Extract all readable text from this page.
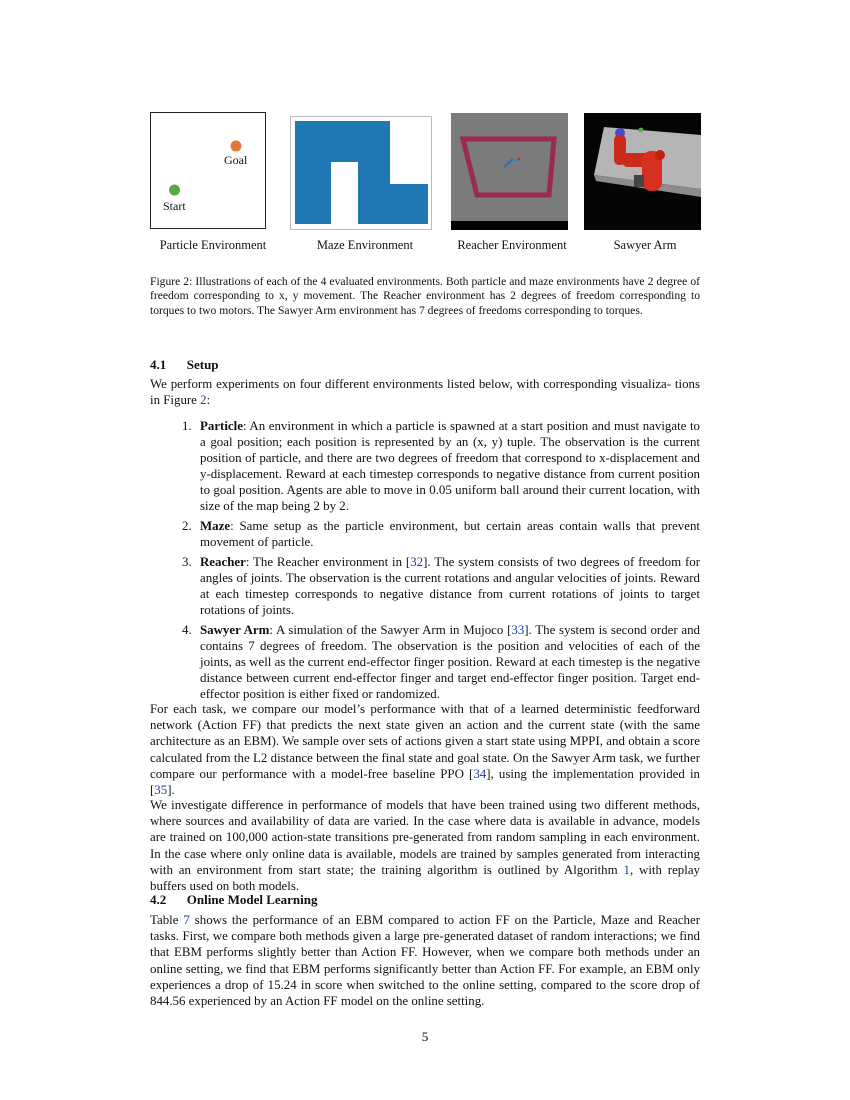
Goal
Start
Particle Environment	Maze Environment	Reacher Environment	Sawyer Arm
Figure 2: Illustrations of each of the 4 evaluated environments. Both particle and maze environments have 2 degree of freedom corresponding to x, y movement. The Reacher environment has 2 degrees of freedom corresponding to torques to two motors. The Sawyer Arm environment has 7 degrees of freedoms corresponding to torques.
4.1 Setup
We perform experiments on four different environments listed below, with corresponding visualiza- tions in Figure 2:
1. Particle: An environment in which a particle is spawned at a start position and must navigate to a goal position; each position is represented by an (x, y) tuple. The observation is the current position of particle, and there are two degrees of freedom that correspond to x-displacement and y-displacement. Reward at each timestep corresponds to negative distance from current position to goal position. Agents are able to move in 0.05 uniform ball around their current location, with size of the map being 2 by 2.
2. Maze: Same setup as the particle environment, but certain areas contain walls that prevent movement of particle.
3. Reacher: The Reacher environment in [32]. The system consists of two degrees of freedom for angles of joints. The observation is the current rotations and angular velocities of joints. Reward at each timestep corresponds to negative distance from current rotations of joints to target rotations of joints.
4. Sawyer Arm: A simulation of the Sawyer Arm in Mujoco [33]. The system is second order and contains 7 degrees of freedom. The observation is the position and velocities of each of the joints, as well as the current end-effector finger position. Reward at each timestep is the negative distance between current end-effector finger and target end-effector finger position. Target end-effector position is either fixed or randomized.
For each task, we compare our model’s performance with that of a learned deterministic feedforward network (Action FF) that predicts the next state given an action and the current state (with the same architecture as an EBM). We sample over sets of actions given a start state using MPPI, and obtain a score calculated from the L2 distance between the final state and goal state. On the Sawyer Arm task, we further compare our performance with a model-free baseline PPO [34], using the implementation provided in [35].
We investigate difference in performance of models that have been trained using two different methods, where sources and availability of data are varied. In the case where data is available in advance, models are trained on 100,000 action-state transitions pre-generated from random sampling in each environment. In the case where only online data is available, models are trained by samples generated from interacting with an environment from start state; the training algorithm is outlined by Algorithm 1, with replay buffers used on both models.
4.2 Online Model Learning
Table 7 shows the performance of an EBM compared to action FF on the Particle, Maze and Reacher tasks. First, we compare both methods given a large pre-generated dataset of random interactions; we find that EBM performs slightly better than Action FF. However, when we compare both methods under an online setting, we find that EBM performs significantly better than Action FF. For example, an EBM only experiences a drop of 15.24 in score when switched to the online setting, compared to the score drop of 844.56 experienced by an Action FF model on the online setting.
5
